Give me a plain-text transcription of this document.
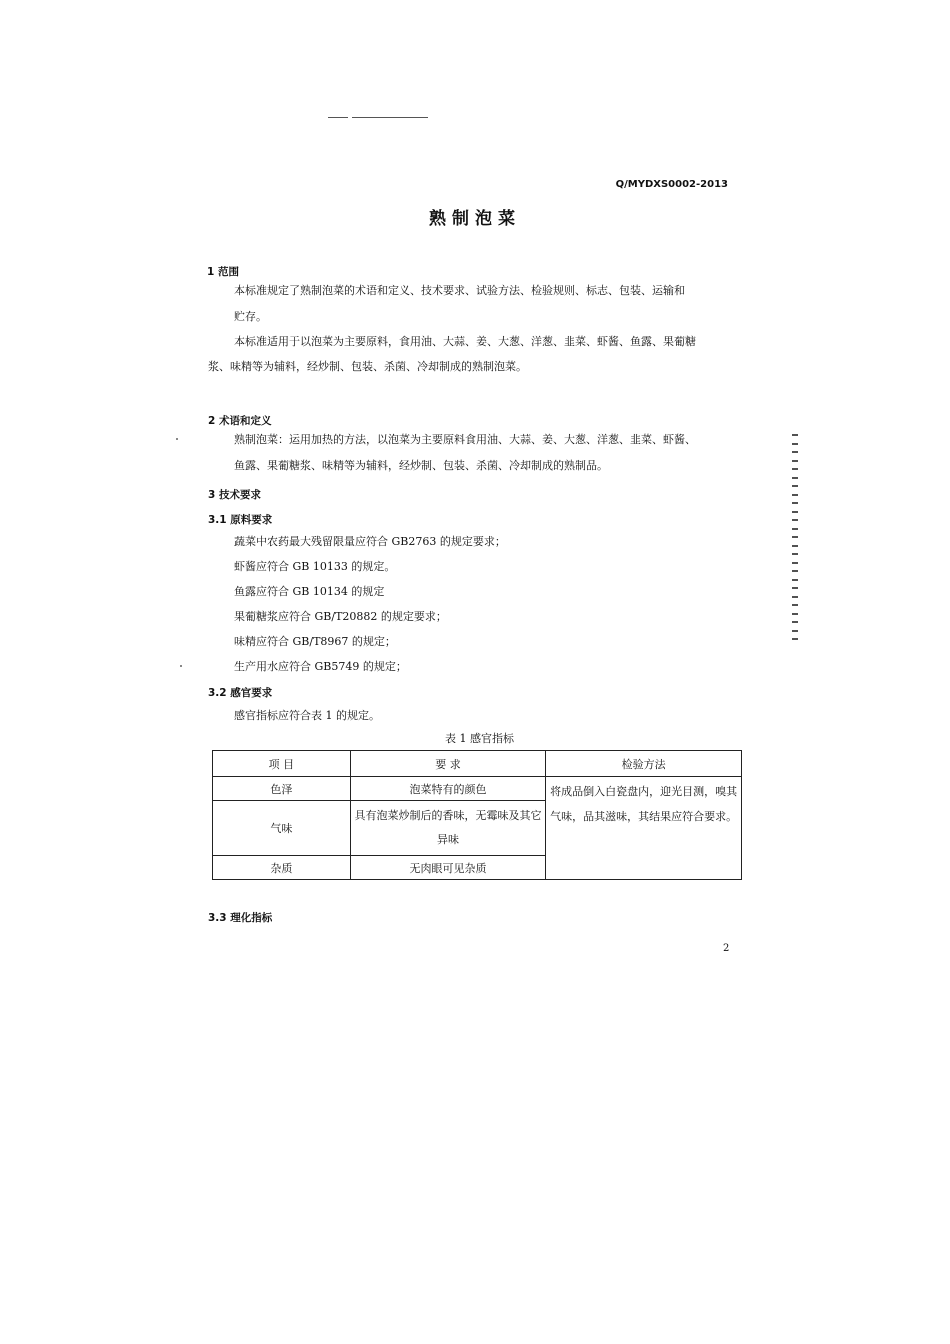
Q/MYDXS0002-2013
熟制泡菜
1 范围
本标准规定了熟制泡菜的术语和定义、技术要求、试验方法、检验规则、标志、包装、运输和
贮存。
本标准适用于以泡菜为主要原料，食用油、大蒜、姜、大葱、洋葱、韭菜、虾酱、鱼露、果葡糖
浆、味精等为辅料，经炒制、包装、杀菌、冷却制成的熟制泡菜。
2 术语和定义
熟制泡菜：运用加热的方法，以泡菜为主要原料食用油、大蒜、姜、大葱、洋葱、韭菜、虾酱、
鱼露、果葡糖浆、味精等为辅料，经炒制、包装、杀菌、冷却制成的熟制品。
3 技术要求
3.1 原料要求
蔬菜中农药最大残留限量应符合 GB2763 的规定要求；
虾酱应符合 GB 10133 的规定。
鱼露应符合 GB 10134 的规定
果葡糖浆应符合 GB/T20882 的规定要求；
味精应符合 GB/T8967 的规定；
生产用水应符合 GB5749 的规定；
3.2 感官要求
感官指标应符合表 1 的规定。
表 1 感官指标
项 目	要 求	检验方法
色泽	泡菜特有的颜色	将成品倒入白瓷盘内，迎光目测，嗅其
气味，品其滋味，其结果应符合要求。

气味	具有泡菜炒制后的香味，无霉味及其它
异味	

杂质	无肉眼可见杂质	
3.3 理化指标
2
